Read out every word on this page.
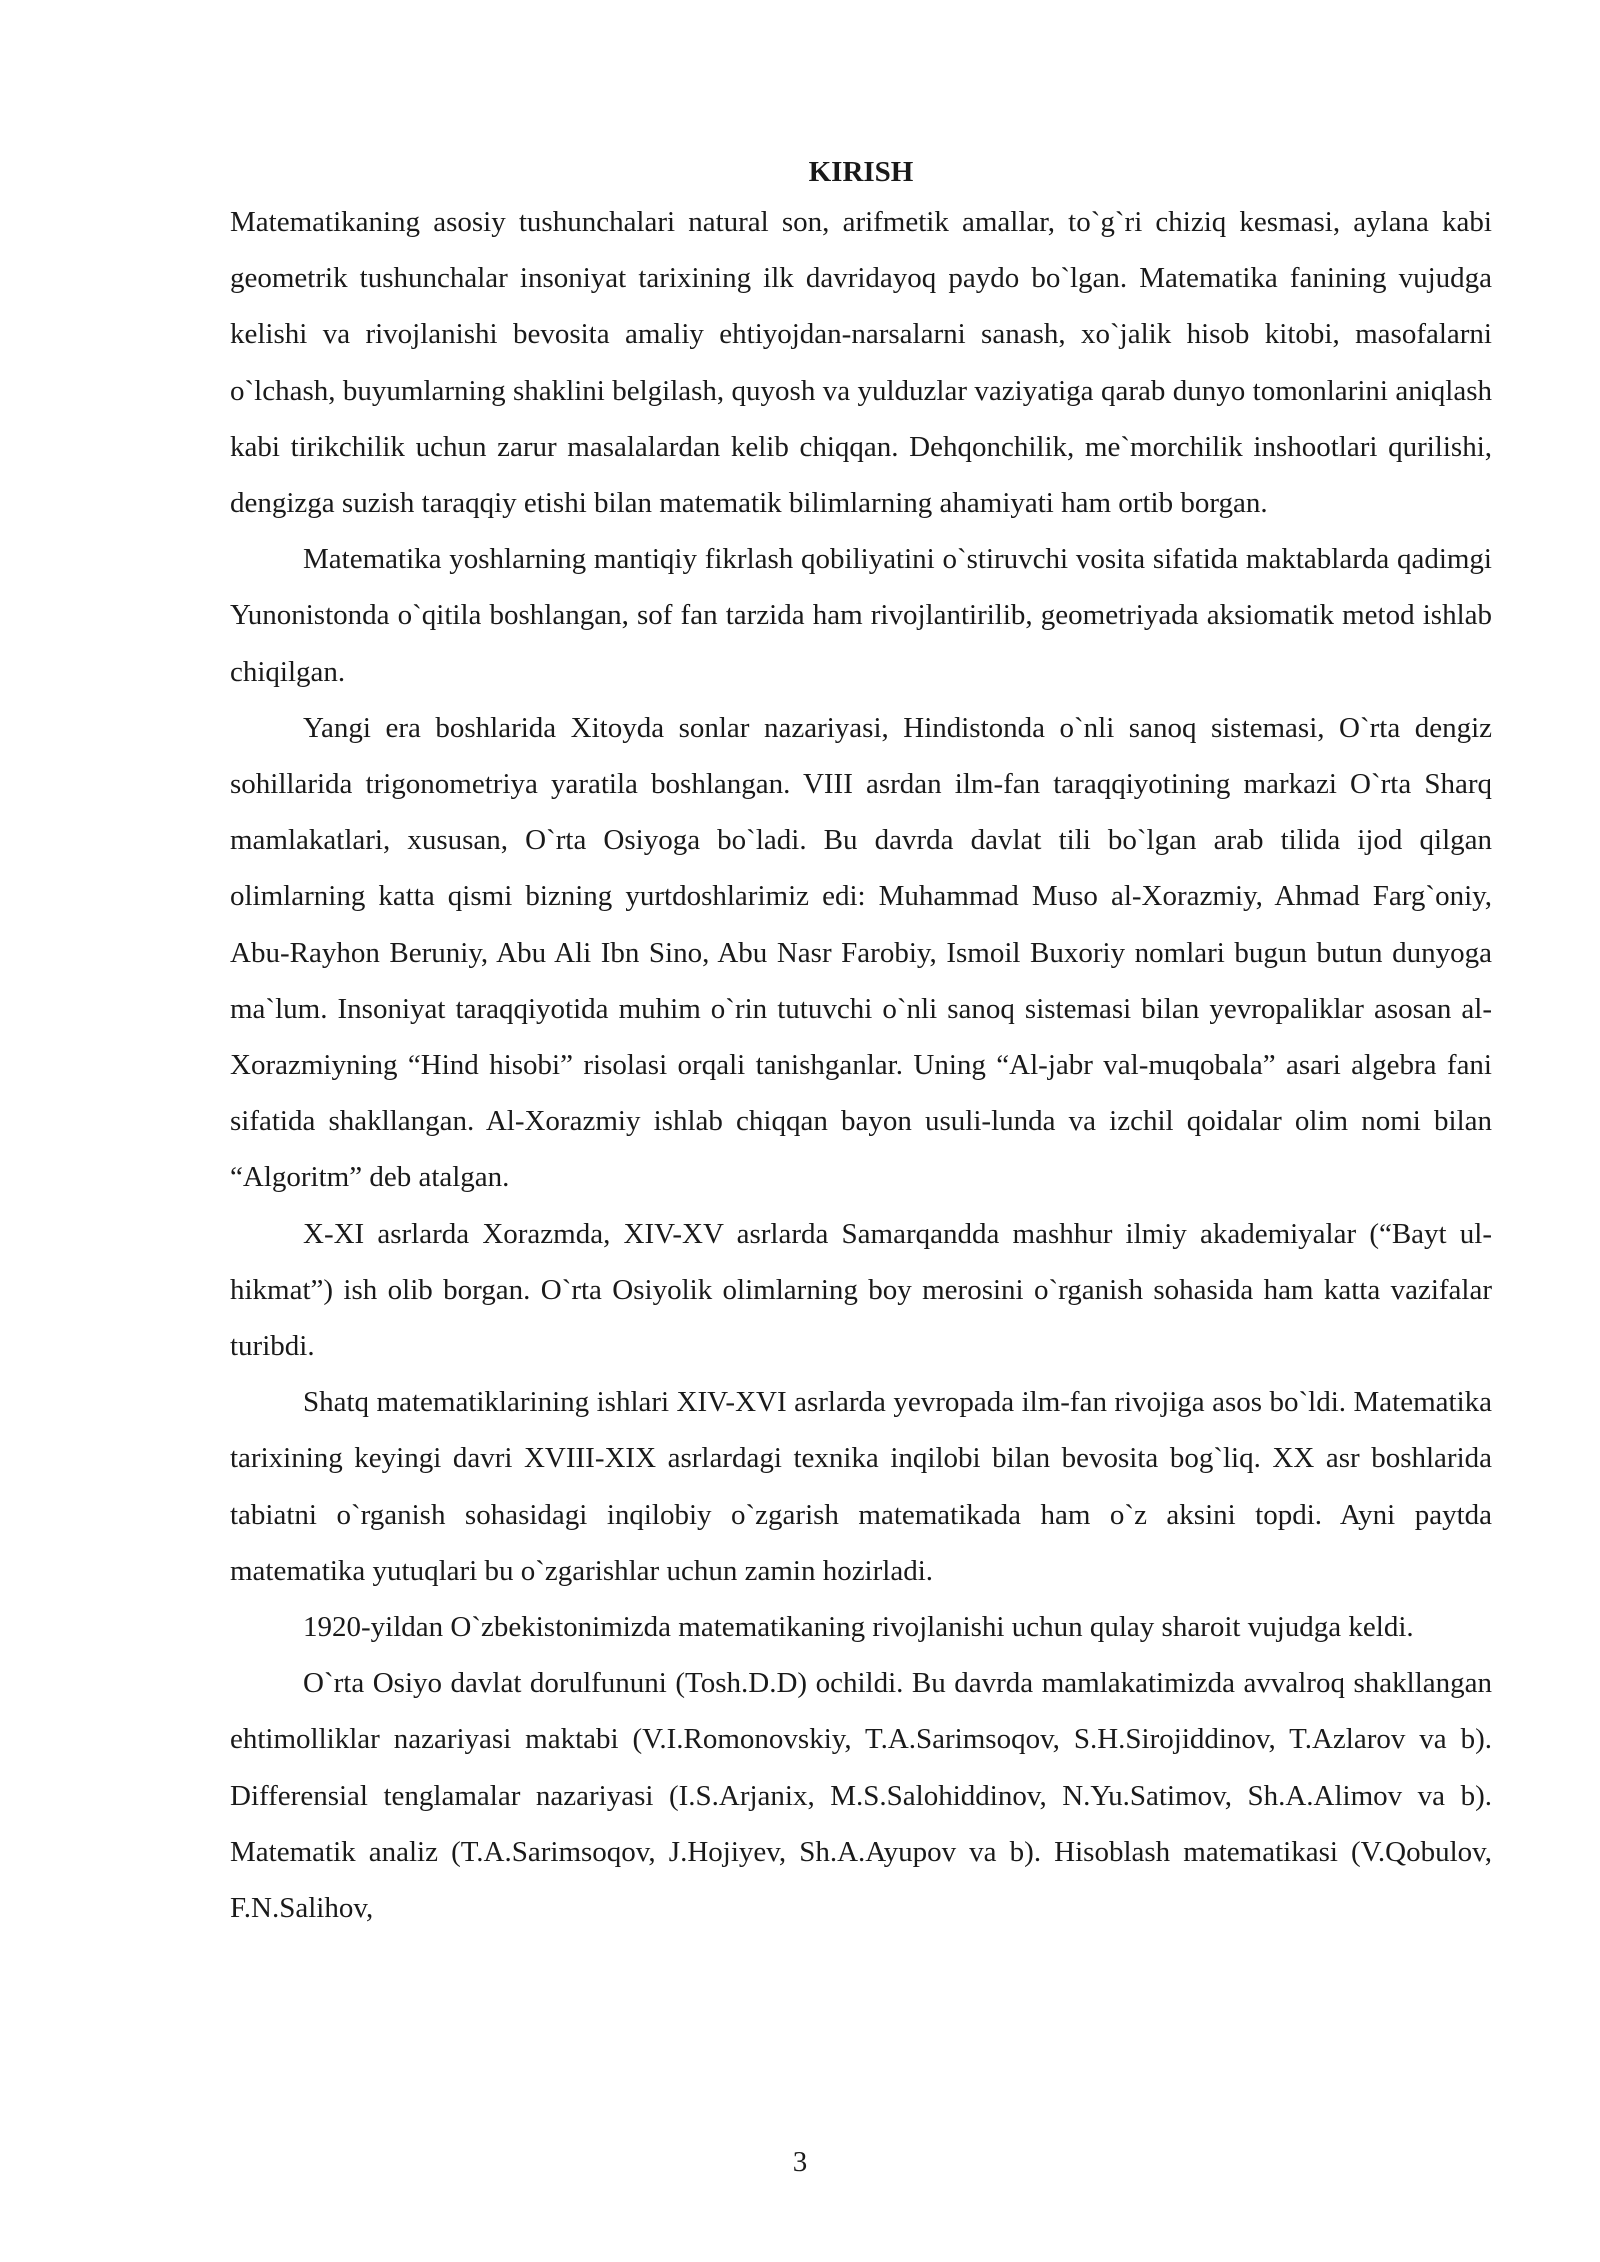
KIRISH

Matematikaning asosiy tushunchalari natural son, arifmetik amallar, to`g`ri chiziq kesmasi, aylana kabi geometrik tushunchalar insoniyat tarixining ilk davridayoq paydo bo`lgan. Matematika fanining vujudga kelishi va rivojlanishi bevosita amaliy ehtiyojdan-narsalarni sanash, xo`jalik hisob kitobi, masofalarni o`lchash, buyumlarning shaklini belgilash, quyosh va yulduzlar vaziyatiga qarab dunyo tomonlarini aniqlash kabi tirikchilik uchun zarur masalalardan kelib chiqqan. Dehqonchilik, me`morchilik inshootlari qurilishi, dengizga suzish taraqqiy etishi bilan matematik bilimlarning ahamiyati ham ortib borgan.

Matematika yoshlarning mantiqiy fikrlash qobiliyatini o`stiruvchi vosita sifatida maktablarda qadimgi Yunonistonda o`qitila boshlangan, sof fan tarzida ham rivojlantirilib, geometriyada aksiomatik metod ishlab chiqilgan.

Yangi era boshlarida Xitoyda sonlar nazariyasi, Hindistonda o`nli sanoq sistemasi, O`rta dengiz sohillarida trigonometriya yaratila boshlangan. VIII asrdan ilm-fan taraqqiyotining markazi O`rta Sharq mamlakatlari, xususan, O`rta Osiyoga bo`ladi. Bu davrda davlat tili bo`lgan arab tilida ijod qilgan olimlarning katta qismi bizning yurtdoshlarimiz edi: Muhammad Muso al-Xorazmiy, Ahmad Farg`oniy, Abu-Rayhon Beruniy, Abu Ali Ibn Sino, Abu Nasr Farobiy, Ismoil Buxoriy nomlari bugun butun dunyoga ma`lum. Insoniyat taraqqiyotida muhim o`rin tutuvchi o`nli sanoq sistemasi bilan yevropaliklar asosan al-Xorazmiyning “Hind hisobi” risolasi orqali tanishganlar. Uning “Al-jabr val-muqobala” asari algebra fani sifatida shakllangan. Al-Xorazmiy ishlab chiqqan bayon usuli-lunda va izchil qoidalar olim nomi bilan “Algoritm” deb atalgan.

X-XI asrlarda Xorazmda, XIV-XV asrlarda Samarqandda mashhur ilmiy akademiyalar (“Bayt ul-hikmat”) ish olib borgan. O`rta Osiyolik olimlarning boy merosini o`rganish sohasida ham katta vazifalar turibdi.

Shatq matematiklarining ishlari XIV-XVI asrlarda yevropada ilm-fan rivojiga asos bo`ldi. Matematika tarixining keyingi davri XVIII-XIX asrlardagi texnika inqilobi bilan bevosita bog`liq. XX asr boshlarida tabiatni o`rganish sohasidagi inqilobiy o`zgarish matematikada ham o`z aksini topdi. Ayni paytda matematika yutuqlari bu o`zgarishlar uchun zamin hozirladi.

1920-yildan O`zbekistonimizda matematikaning rivojlanishi uchun qulay sharoit vujudga keldi.

O`rta Osiyo davlat dorulfununi (Tosh.D.D) ochildi. Bu davrda mamlakatimizda avvalroq shakllangan ehtimolliklar nazariyasi maktabi (V.I.Romonovskiy, T.A.Sarimsoqov, S.H.Sirojiddinov, T.Azlarov va b). Differensial tenglamalar nazariyasi (I.S.Arjanix, M.S.Salohiddinov, N.Yu.Satimov, Sh.A.Alimov va b). Matematik analiz (T.A.Sarimsoqov, J.Hojiyev, Sh.A.Ayupov va b). Hisoblash matematikasi (V.Qobulov, F.N.Salihov,

3
